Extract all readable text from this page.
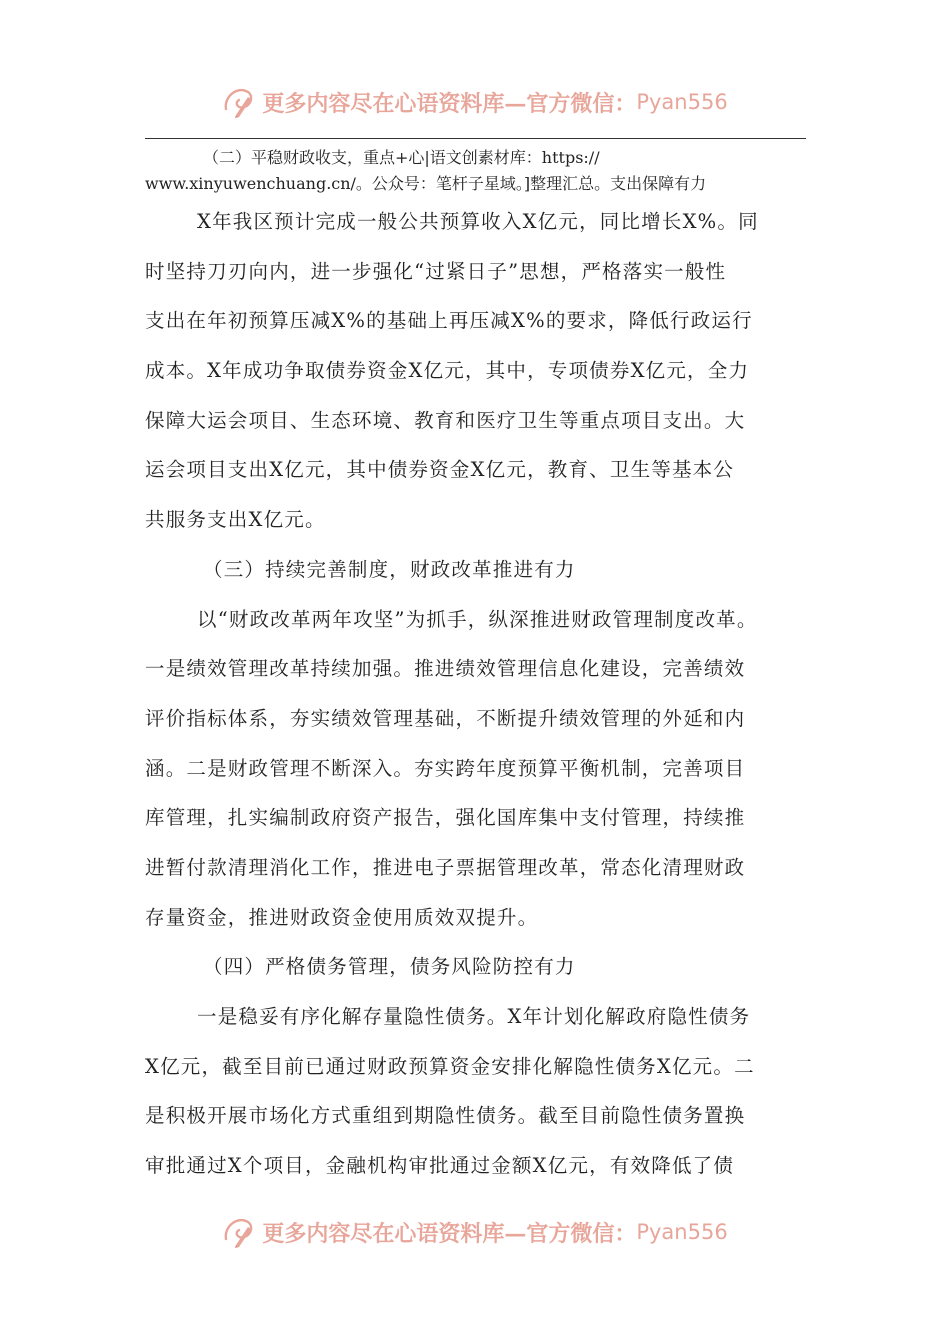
更多内容尽在心语资料库—官方微信： Pyan556
（二）平稳财政收支，重点+心|语文创素材库：https://
www.xinyuwenchuang.cn/。公众号：笔杆子星域。]整理汇总。支出保障有力
X年我区预计完成一般公共预算收入X亿元，同比增长X%。同
时坚持刀刃向内，进一步强化“过紧日子”思想，严格落实一般性
支出在年初预算压减X%的基础上再压减X%的要求，降低行政运行
成本。X年成功争取债券资金X亿元，其中，专项债券X亿元，全力
保障大运会项目、生态环境、教育和医疗卫生等重点项目支出。大
运会项目支出X亿元，其中债券资金X亿元，教育、卫生等基本公
共服务支出X亿元。
（三）持续完善制度，财政改革推进有力
以“财政改革两年攻坚”为抓手，纵深推进财政管理制度改革。
一是绩效管理改革持续加强。推进绩效管理信息化建设，完善绩效
评价指标体系，夯实绩效管理基础，不断提升绩效管理的外延和内
涵。二是财政管理不断深入。夯实跨年度预算平衡机制，完善项目
库管理，扎实编制政府资产报告，强化国库集中支付管理，持续推
进暂付款清理消化工作，推进电子票据管理改革，常态化清理财政
存量资金，推进财政资金使用质效双提升。
（四）严格债务管理，债务风险防控有力
一是稳妥有序化解存量隐性债务。X年计划化解政府隐性债务
X亿元，截至目前已通过财政预算资金安排化解隐性债务X亿元。二
是积极开展市场化方式重组到期隐性债务。截至目前隐性债务置换
审批通过X个项目，金融机构审批通过金额X亿元，有效降低了债
更多内容尽在心语资料库—官方微信： Pyan556
